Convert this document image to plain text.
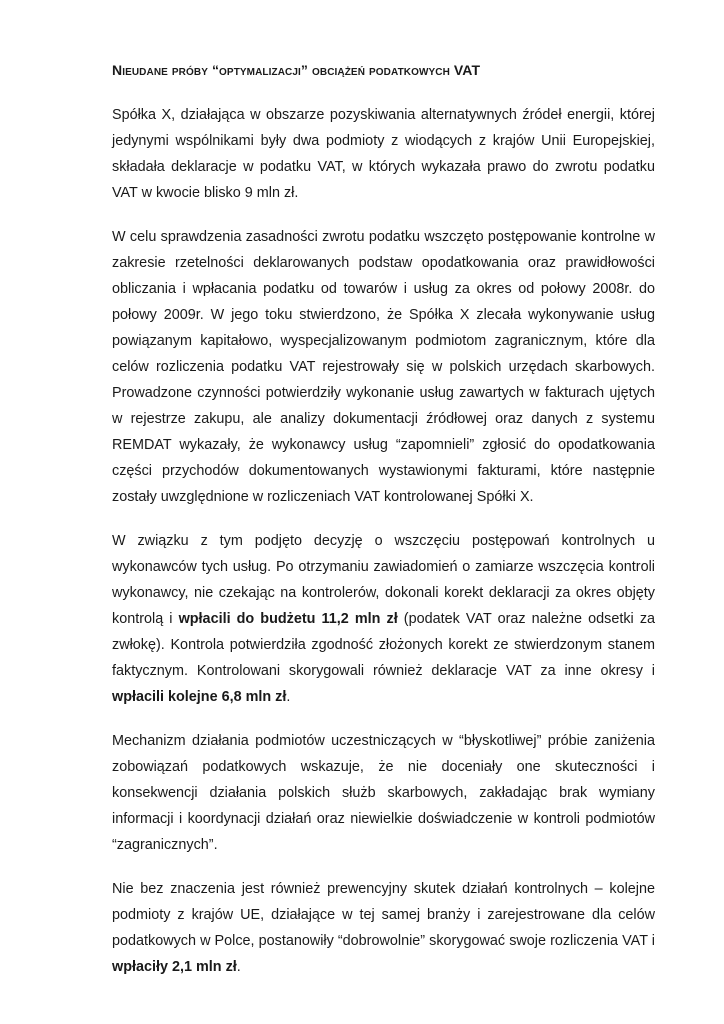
Nieudane próby “optymalizacji” obciążeń podatkowych VAT

Spółka X, działająca w obszarze pozyskiwania alternatywnych źródeł energii, której jedynymi wspólnikami były dwa podmioty z wiodących z krajów Unii Europejskiej, składała deklaracje w podatku VAT, w których wykazała prawo do zwrotu podatku VAT w kwocie blisko 9 mln zł.

W celu sprawdzenia zasadności zwrotu podatku wszczęto postępowanie kontrolne w zakresie rzetelności deklarowanych podstaw opodatkowania oraz prawidłowości obliczania i wpłacania podatku od towarów i usług za okres od połowy 2008r. do połowy 2009r. W jego toku stwierdzono, że Spółka X zlecała wykonywanie usług powiązanym kapitałowo, wyspecjalizowanym podmiotom zagranicznym, które dla celów rozliczenia podatku VAT rejestrowały się w polskich urzędach skarbowych. Prowadzone czynności potwierdziły wykonanie usług zawartych w fakturach ujętych w rejestrze zakupu, ale analizy dokumentacji źródłowej oraz danych z systemu REMDAT wykazały, że wykonawcy usług “zapomnieli” zgłosić do opodatkowania części przychodów dokumentowanych wystawionymi fakturami, które następnie zostały uwzględnione w rozliczeniach VAT kontrolowanej Spółki X.

W związku z tym podjęto decyzję o wszczęciu postępowań kontrolnych u wykonawców tych usług. Po otrzymaniu zawiadomień o zamiarze wszczęcia kontroli wykonawcy, nie czekając na kontrolerów, dokonali korekt deklaracji za okres objęty kontrolą i wpłacili do budżetu 11,2 mln zł (podatek VAT oraz należne odsetki za zwłokę). Kontrola potwierdziła zgodność złożonych korekt ze stwierdzonym stanem faktycznym. Kontrolowani skorygowali również deklaracje VAT za inne okresy i wpłacili kolejne 6,8 mln zł.

Mechanizm działania podmiotów uczestniczących w “błyskotliwej” próbie zaniżenia zobowiązań podatkowych wskazuje, że nie doceniały one skuteczności i konsekwencji działania polskich służb skarbowych, zakładając brak wymiany informacji i koordynacji działań oraz niewielkie doświadczenie w kontroli podmiotów “zagranicznych”.

Nie bez znaczenia jest również prewencyjny skutek działań kontrolnych – kolejne podmioty z krajów UE, działające w tej samej branży i zarejestrowane dla celów podatkowych w Polce, postanowiły “dobrowolnie” skorygować swoje rozliczenia VAT i wpłaciły 2,1 mln zł.
